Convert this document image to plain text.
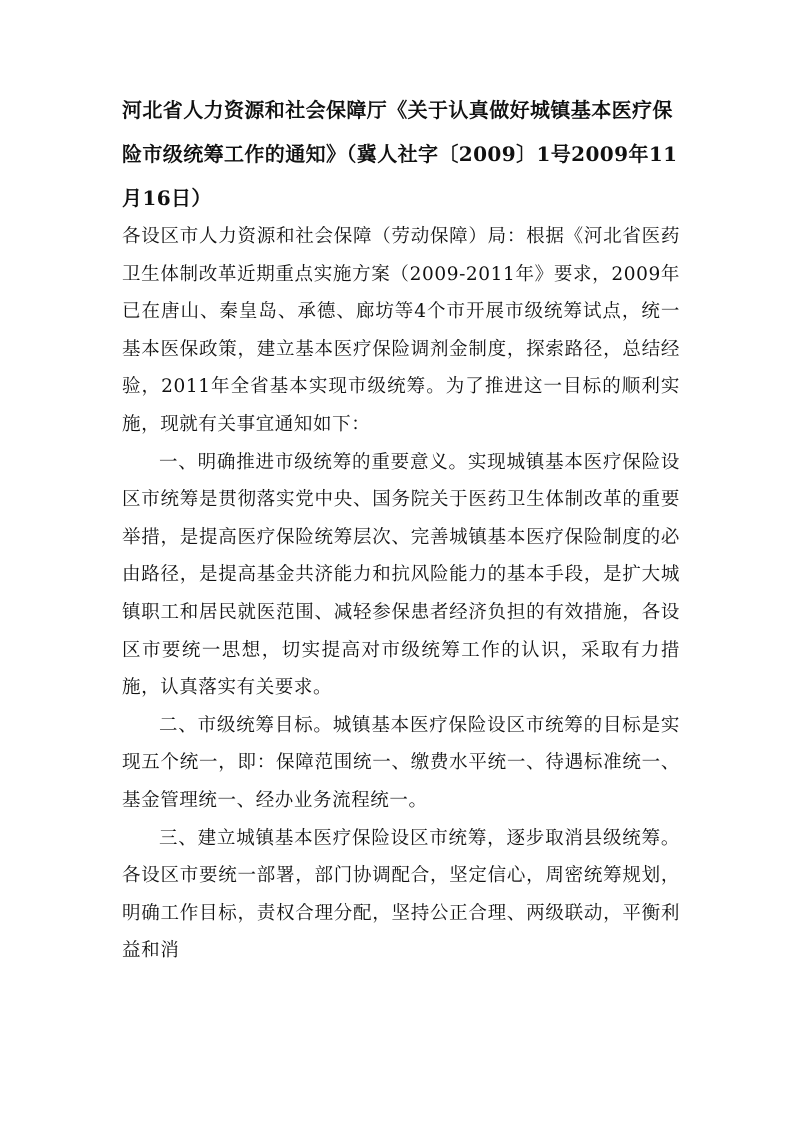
河北省人力资源和社会保障厅《关于认真做好城镇基本医疗保险市级统筹工作的通知》（冀人社字〔2009〕1号2009年11月16日）

各设区市人力资源和社会保障（劳动保障）局：根据《河北省医药卫生体制改革近期重点实施方案（2009-2011年》要求，2009年已在唐山、秦皇岛、承德、廊坊等4个市开展市级统筹试点，统一基本医保政策，建立基本医疗保险调剂金制度，探索路径，总结经验，2011年全省基本实现市级统筹。为了推进这一目标的顺利实施，现就有关事宜通知如下：

一、明确推进市级统筹的重要意义。实现城镇基本医疗保险设区市统筹是贯彻落实党中央、国务院关于医药卫生体制改革的重要举措，是提高医疗保险统筹层次、完善城镇基本医疗保险制度的必由路径，是提高基金共济能力和抗风险能力的基本手段，是扩大城镇职工和居民就医范围、减轻参保患者经济负担的有效措施，各设区市要统一思想，切实提高对市级统筹工作的认识，采取有力措施，认真落实有关要求。

二、市级统筹目标。城镇基本医疗保险设区市统筹的目标是实现五个统一，即：保障范围统一、缴费水平统一、待遇标准统一、基金管理统一、经办业务流程统一。

三、建立城镇基本医疗保险设区市统筹，逐步取消县级统筹。各设区市要统一部署，部门协调配合，坚定信心，周密统筹规划，明确工作目标，责权合理分配，坚持公正合理、两级联动，平衡利益和消
